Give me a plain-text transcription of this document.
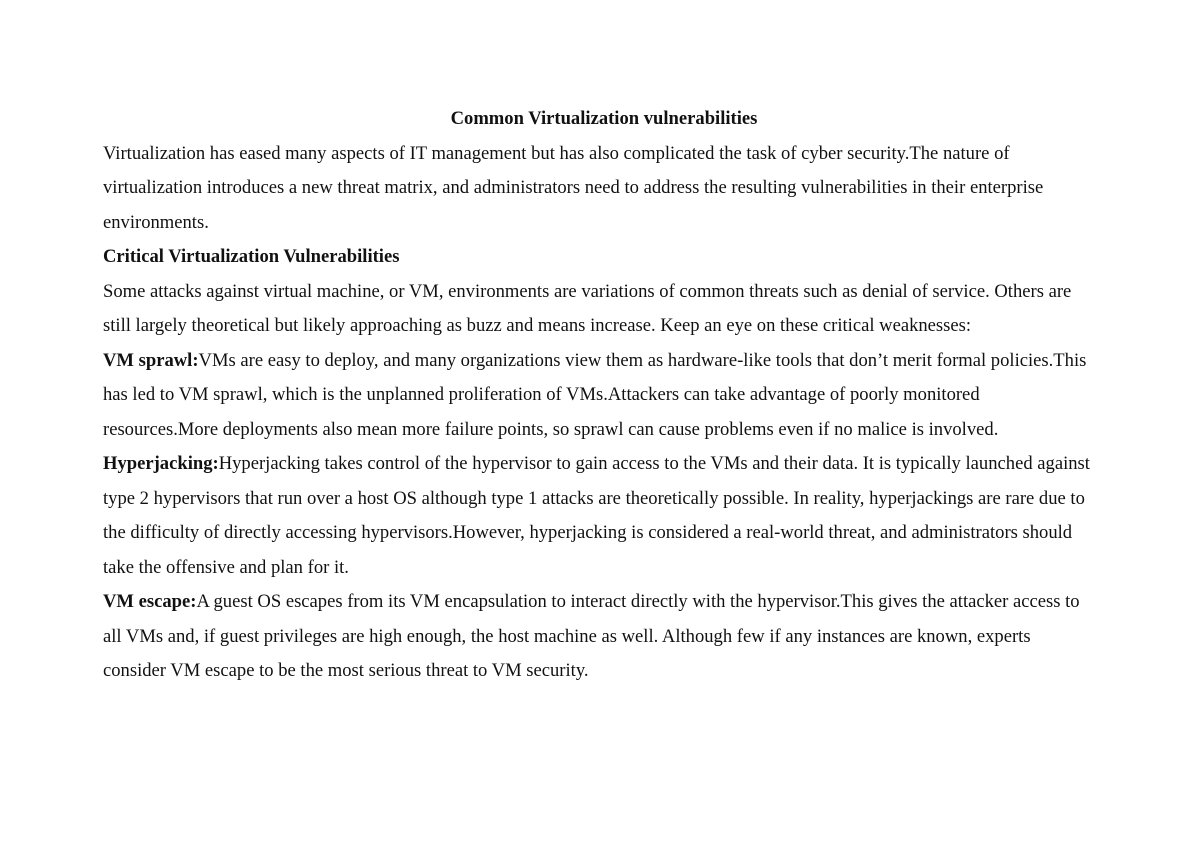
Common Virtualization vulnerabilities

Virtualization has eased many aspects of IT management but has also complicated the task of cyber security.The nature of virtualization introduces a new threat matrix, and administrators need to address the resulting vulnerabilities in their enterprise environments.

Critical Virtualization Vulnerabilities

Some attacks against virtual machine, or VM, environments are variations of common threats such as denial of service. Others are still largely theoretical but likely approaching as buzz and means increase. Keep an eye on these critical weaknesses:

VM sprawl:VMs are easy to deploy, and many organizations view them as hardware-like tools that don’t merit formal policies.This has led to VM sprawl, which is the unplanned proliferation of VMs.Attackers can take advantage of poorly monitored resources.More deployments also mean more failure points, so sprawl can cause problems even if no malice is involved.

Hyperjacking:Hyperjacking takes control of the hypervisor to gain access to the VMs and their data. It is typically launched against type 2 hypervisors that run over a host OS although type 1 attacks are theoretically possible. In reality, hyperjackings are rare due to the difficulty of directly accessing hypervisors.However, hyperjacking is considered a real-world threat, and administrators should take the offensive and plan for it.

VM escape:A guest OS escapes from its VM encapsulation to interact directly with the hypervisor.This gives the attacker access to all VMs and, if guest privileges are high enough, the host machine as well. Although few if any instances are known, experts consider VM escape to be the most serious threat to VM security.
